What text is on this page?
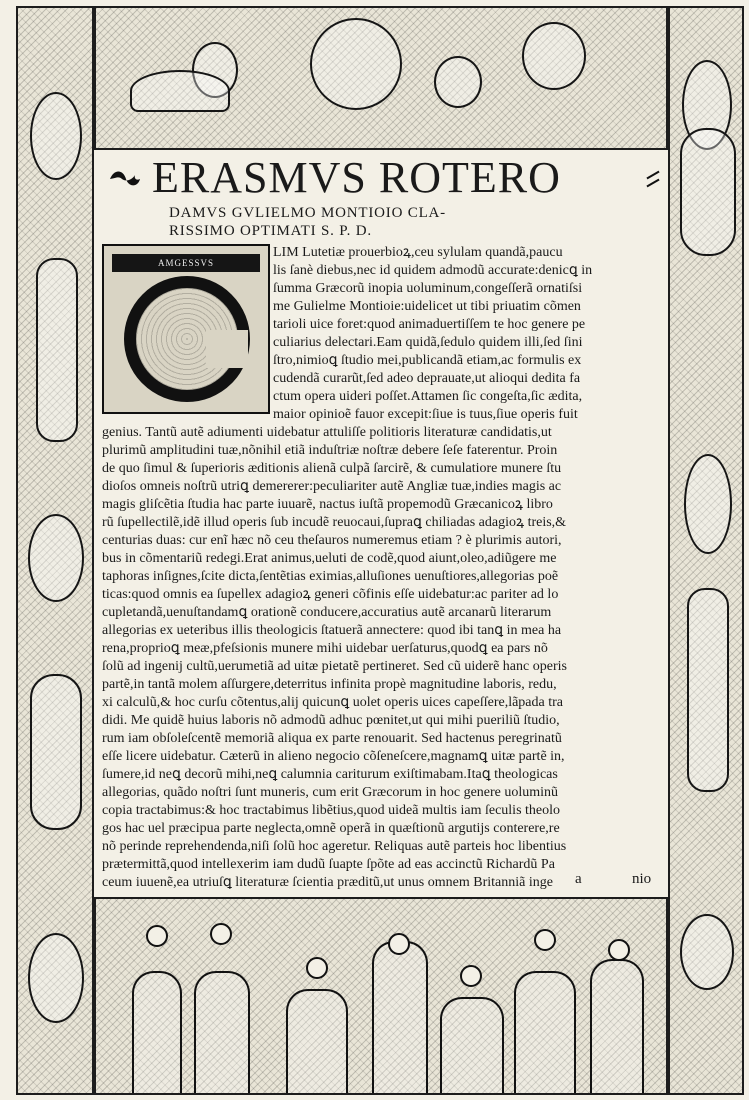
ERASMVS ROTERO
DAMVS GVLIELMO MONTIOIO CLA-
RISSIMO OPTIMATI S. P. D.
AMGESSVS
LIM Lutetiæ prouerbioꝝ,ceu sylulam quandã,paucu
lis ſanè diebus,nec id quidem admodũ accurate:denicꝗ in
ſumma Græcorũ inopia uoluminum,congeſſerã ornatiſsi
me Gulielme Montioie:uidelicet ut tibi priuatim cõmen
tarioli uice foret:quod animaduertiſſem te hoc genere pe
culiarius delectari.Eam quidã,ſedulo quidem illi,ſed ſini
ſtro,nimioꝗ ſtudio mei,publicandã etiam,ac formulis ex
cudendã curarũt,ſed adeo deprauate,ut alioqui dedita fa
ctum opera uideri poſſet.Attamen ſic congeſta,ſic ædita,
maior opinioẽ fauor excepit:ſiue is tuus,ſiue operis fuit
genius. Tantũ autẽ adiumenti uidebatur attuliſſe politioris literaturæ candidatis,ut
plurimũ amplitudini tuæ,nõnihil etiã induſtriæ noſtræ debere ſeſe faterentur. Proin
de quo ſimul & ſuperioris æditionis alienã culpã ſarcirẽ, & cumulatiore munere ſtu
dioſos omneis noſtrũ utriꝗ demererer:peculiariter autẽ Angliæ tuæ,indies magis ac
magis gliſcẽtia ſtudia hac parte iuuarẽ, nactus iuſtã propemodũ Græcanicoꝝ libro
rũ ſupellectilẽ,idẽ illud operis ſub incudẽ reuocaui,ſupraꝗ chiliadas adagioꝝ treis,&
centurias duas: cur enĩ hæc nõ ceu theſauros numeremus etiam ? è plurimis autori,
bus in cõmentariũ redegi.Erat animus,ueluti de codẽ,quod aiunt,oleo,adiũgere me
taphoras inſignes,ſcite dicta,ſentẽtias eximias,alluſiones uenuſtiores,allegorias poẽ
ticas:quod omnis ea ſupellex adagioꝝ generi cõfinis eſſe uidebatur:ac pariter ad lo
cupletandã,uenuſtandamꝗ orationẽ conducere,accuratius autẽ arcanarũ literarum
allegorias ex ueteribus illis theologicis ſtatuerã annectere: quod ibi tanꝗ in mea ha
rena,proprioꝗ meæ,pfeſsionis munere mihi uidebar uerſaturus,quodꝗ ea pars nõ
ſolũ ad ingenij cultũ,uerumetiã ad uitæ pietatẽ pertineret. Sed cũ uiderẽ hanc operis
partẽ,in tantã molem aſſurgere,deterritus infinita propè magnitudine laboris, redu,
xi calculũ,& hoc curſu cõtentus,alij quicunꝗ uolet operis uices capeſſere,lãpada tra
didi. Me quidẽ huius laboris nõ admodũ adhuc pœnitet,ut qui mihi pueriliũ ſtudio,
rum iam obſoleſcentẽ memoriã aliqua ex parte renouarit. Sed hactenus peregrinatũ
eſſe licere uidebatur. Cæterũ in alieno negocio cõſeneſcere,magnamꝗ uitæ partẽ in,
ſumere,id neꝗ decorũ mihi,neꝗ calumnia cariturum exiſtimabam.Itaꝗ theologicas
allegorias, quãdo noſtri ſunt muneris, cum erit Græcorum in hoc genere uoluminũ
copia tractabimus:& hoc tractabimus libẽtius,quod uideã multis iam ſeculis theolo
gos hac uel præcipua parte neglecta,omnẽ operã in quæſtionũ argutijs conterere,re
nõ perinde reprehendenda,niſi ſolũ hoc ageretur. Reliquas autẽ parteis hoc libentius
prætermittã,quod intellexerim iam dudũ ſuapte ſpõte ad eas accinctũ Richardũ Pa
ceum iuuenẽ,ea utriuſꝗ literaturæ ſcientia præditũ,ut unus omnem Britanniã inge	a	nio
